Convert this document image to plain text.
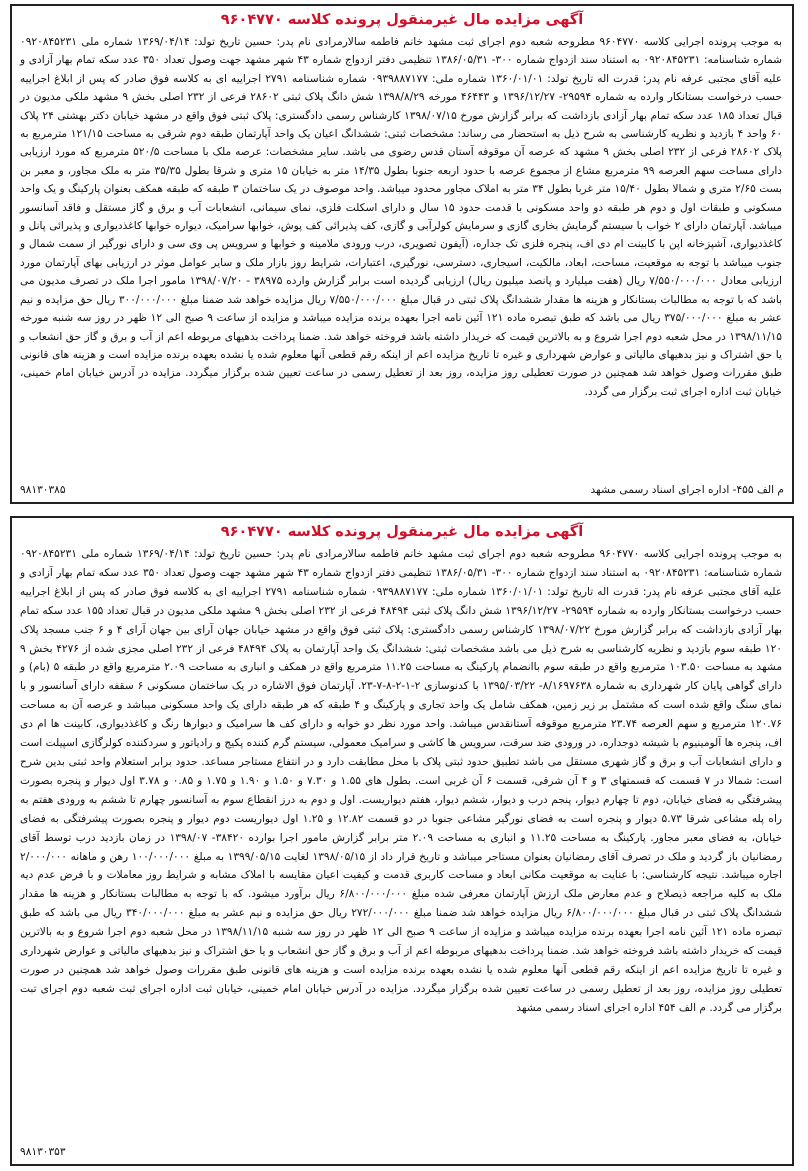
آگهی مزایده مال غیرمنقول پرونده کلاسه ۹۶۰۴۷۷۰

به موجب پرونده اجرایی کلاسه ۹۶۰۴۷۷۰ مطروحه شعبه دوم اجرای ثبت مشهد خانم فاطمه سالارمرادی نام پدر: حسین تاریخ تولد: ۱۳۶۹/۰۴/۱۴ شماره ملی ۰۹۲۰۸۴۵۲۳۱ شماره شناسنامه: ۰۹۲۰۸۴۵۲۳۱ به استناد سند ازدواج شماره ۳۰۰- ۱۳۸۶/۰۵/۳۱ تنظیمی دفتر ازدواج شماره ۴۳ شهر مشهد جهت وصول تعداد ۳۵۰ عدد سکه تمام بهار آزادی و علیه آقای مجتبی عرفه نام پدر: قدرت اله تاریخ تولد: ۱۳۶۰/۰۱/۰۱ شماره ملی: ۰۹۳۹۸۸۷۱۷۷ شماره شناسنامه ۲۷۹۱ اجراییه ای به کلاسه فوق صادر که پس از ابلاغ اجراییه حسب درخواست بستانکار وارده به شماره ۲۹۵۹۴- ۱۳۹۶/۱۲/۲۷ و ۴۶۴۴۳ مورخه ۱۳۹۸/۸/۲۹ شش دانگ پلاک ثبتی ۲۸۶۰۲ فرعی از ۲۳۲ اصلی بخش ۹ مشهد ملکی مدیون در قبال تعداد ۱۸۵ عدد سکه تمام بهار آزادی بازداشت که برابر گزارش مورخ ۱۳۹۸/۰۷/۱۵ کارشناس رسمی دادگستری: پلاک ثبتی فوق واقع در مشهد خیابان دکتر بهشتی ۲۴ پلاک ۶۰ واحد ۴ بازدید و نظریه کارشناسی به شرح ذیل به استحضار می رساند: مشخصات ثبتی: ششدانگ اعیان یک واحد آپارتمان طبقه دوم شرقی به مساحت ۱۲۱/۱۵ مترمربع به پلاک ۲۸۶۰۲ فرعی از ۲۳۲ اصلی بخش ۹ مشهد که عرصه آن موقوفه آستان قدس رضوی می باشد. سایر مشخصات: عرصه ملک با مساحت ۵۲۰/۵ مترمربع که مورد ارزیابی دارای مساحت سهم العرصه ۹۹ مترمربع مشاع از مجموع عرصه با حدود اربعه جنوبا بطول ۱۴/۳۵ متر به خیابان ۱۵ متری و شرقا بطول ۳۵/۳۵ متر به ملک مجاور، و معبر بن بست ۲/۶۵ متری و شمالا بطول ۱۵/۴۰ متر غربا بطول ۳۴ متر به املاک مجاور محدود میباشد. واحد موصوف در یک ساختمان ۳ طبقه که طبقه همکف بعنوان پارکینگ و یک واحد مسکونی و طبقات اول و دوم هر طبقه دو واحد مسکونی با قدمت حدود ۱۵ سال و دارای اسکلت فلزی، نمای سیمانی، انشعابات آب و برق و گاز مستقل و فاقد آسانسور میباشد. آپارتمان دارای ۲ خواب با سیستم گرمایش بخاری گازی و سرمایش کولرآبی و گازی، کف پذیرائی کف پوش، خوابها سرامیک، دیواره خوابها کاغذدیواری و پذیرائی پانل و کاغذدیواری، آشپزخانه اپن با کابینت ام دی اف، پنجره فلزی تک جداره، (آیفون تصویری، درب ورودی ملامینه و خوابها و سرویس پی وی سی و دارای نورگیر از سمت شمال و جنوب میباشد با توجه به موقعیت، مساحت، ابعاد، مالکیت، اسیجاری، دسترسی، نورگیری، اعتبارات، شرایط روز بازار ملک و سایر عوامل موثر در ارزیابی بهای آپارتمان مورد ارزیابی معادل ۷/۵۵۰/۰۰۰/۰۰۰ ریال (هفت میلیارد و پانصد میلیون ریال) ارزیابی گردیده است برابر گزارش وارده ۳۸۹۷۵ - ۱۳۹۸/۰۷/۲۰ مامور اجرا ملک در تصرف مدیون می باشد که با توجه به مطالبات بستانکار و هزینه ها مقدار ششدانگ پلاک ثبتی در قبال مبلغ ۷/۵۵۰/۰۰۰/۰۰۰ ریال مزایده خواهد شد ضمنا مبلغ ۳۰۰/۰۰۰/۰۰۰ ریال حق مزایده و نیم عشر به مبلغ ۳۷۵/۰۰۰/۰۰۰ ریال می باشد که طبق تبصره ماده ۱۲۱ آئین نامه اجرا بعهده برنده مزایده میباشد و مزایده از ساعت ۹ صبح الی ۱۲ ظهر در روز سه شنبه مورخه ۱۳۹۸/۱۱/۱۵ در محل شعبه دوم اجرا شروع و به بالاترین قیمت که خریدار داشته باشد فروخته خواهد شد. ضمنا پرداخت بدهیهای مربوطه اعم از آب و برق و گاز حق انشعاب و یا حق اشتراک و نیز بدهیهای مالیاتی و عوارض شهرداری و غیره تا تاریخ مزایده اعم از اینکه رقم قطعی آنها معلوم شده یا نشده بعهده برنده مزایده است و هزینه های قانونی طبق مقررات وصول خواهد شد همچنین در صورت تعطیلی روز مزایده، روز بعد از تعطیل رسمی در ساعت تعیین شده برگزار میگردد. مزایده در آدرس خیابان امام خمینی، خیابان ثبت اداره اجرای ثبت برگزار می گردد.

م الف ۴۵۵- اداره اجرای اسناد رسمی مشهد
۹۸۱۳۰۳۸۵
آگهی مزایده مال غیرمنقول پرونده کلاسه ۹۶۰۴۷۷۰

به موجب پرونده اجرایی کلاسه ۹۶۰۴۷۷۰ مطروحه شعبه دوم اجرای ثبت مشهد خانم فاطمه سالارمرادی نام پدر: حسین تاریخ تولد: ۱۳۶۹/۰۴/۱۴ شماره ملی ۰۹۲۰۸۴۵۲۳۱ شماره شناسنامه: ۰۹۲۰۸۴۵۲۳۱ به استناد سند ازدواج شماره ۳۰۰- ۱۳۸۶/۰۵/۳۱ تنظیمی دفتر ازدواج شماره ۴۳ شهر مشهد جهت وصول تعداد ۳۵۰ عدد سکه تمام بهار آزادی و علیه آقای مجتبی عرفه نام پدر: قدرت اله تاریخ تولد: ۱۳۶۰/۰۱/۰۱ شماره ملی: ۰۹۳۹۸۸۷۱۷۷ شماره شناسنامه ۲۷۹۱ اجراییه ای به کلاسه فوق صادر که پس از ابلاغ اجراییه حسب درخواست بستانکار وارده به شماره ۲۹۵۹۴- ۱۳۹۶/۱۲/۲۷ شش دانگ پلاک ثبتی ۴۸۴۹۴ فرعی از ۲۳۲ اصلی بخش ۹ مشهد ملکی مدیون در قبال تعداد ۱۵۵ عدد سکه تمام بهار آزادی بازداشت که برابر گزارش مورخ ۱۳۹۸/۰۷/۲۲ کارشناس رسمی دادگستری: پلاک ثبتی فوق واقع در مشهد خیابان جهان آرای بین جهان آرای ۴ و ۶ جنب مسجد پلاک ۱۲۰ طبقه سوم بازدید و نظریه کارشناسی به شرح ذیل می باشد مشخصات ثبتی: ششدانگ یک واحد آپارتمان به پلاک ۴۸۴۹۴ فرعی از ۲۳۲ اصلی مجزی شده از ۴۲۷۶ بخش ۹ مشهد به مساحت ۱۰۳.۵۰ مترمربع واقع در طبقه سوم باانضمام پارکینگ به مساحت ۱۱.۲۵ مترمربع واقع در همکف و انباری به مساحت ۲.۰۹ مترمربع واقع در طبقه ۵ (بام) و دارای گواهی پایان کار شهرداری به شماره ۸/۱۶۹۷۶۳۸- ۱۳۹۵/۰۳/۲۲ با کدنوسازی ۲-۱-۲-۸-۷-۲۳. آپارتمان فوق الاشاره در یک ساختمان مسکونی ۶ سقفه دارای آسانسور و با نمای سنگ واقع شده است که مشتمل بر زیر زمین، همکف شامل یک واحد تجاری و پارکینگ و ۴ طبقه که هر طبقه دارای یک واحد مسکونی میباشد و عرصه آن به مساحت ۱۲۰.۷۶ مترمربع و سهم العرصه ۲۳.۷۴ مترمربع موقوفه آستانقدس میباشد. واحد مورد نظر دو خوابه و دارای کف ها سرامیک و دیوارها رنگ و کاغذدیواری، کابینت ها ام دی اف، پنجره ها آلومینیوم با شیشه دوجداره، در ورودی ضد سرقت، سرویس ها کاشی و سرامیک معمولی، سیستم گرم کننده پکیج و رادیاتور و سردکننده کولرگازی اسپیلت است و دارای انشعابات آب و برق و گاز شهری مستقل می باشد تطبیق حدود ثبتی پلاک با محل مطابقت دارد و در انتفاع مستاجر مساعد. حدود برابر استعلام واحد ثبتی بدین شرح است: شمالا در ۷ قسمت که قسمتهای ۳ و ۴ آن شرقی، قسمت ۶ آن غربی است. بطول های ۱.۵۵ و ۷.۳۰ و ۱.۵۰ و ۱.۹۰ و ۱.۷۵ و ۰.۸۵ و ۳.۷۸ اول دیوار و پنجره بصورت پیشرفتگی به فضای خیابان، دوم تا چهارم دیوار، پنجم درب و دیوار، ششم دیوار، هفتم دیواریست. اول و دوم به درز انقطاع سوم به آسانسور چهارم تا ششم به ورودی هفتم به راه پله مشاعی شرقا ۵.۷۳ دیوار و پنجره است به فضای نورگیر مشاعی جنوبا در دو قسمت ۱۲.۸۲ و ۱.۲۵ اول دیواریست دوم دیوار و پنجره بصورت پیشرفتگی به فضای خیابان، به فضای معبر مجاور. پارکینگ به مساحت ۱۱.۲۵ و انباری به مساحت ۲.۰۹ متر برابر گزارش مامور اجرا بوارده ۳۸۴۲۰- ۱۳۹۸/۰۷ در زمان بازدید درب توسط آقای رمضانیان باز گردید و ملک در تصرف آقای رمضانیان بعنوان مستاجر میباشد و تاریخ قرار داد از ۱۳۹۸/۰۵/۱۵ لغایت ۱۳۹۹/۰۵/۱۵ به مبلغ ۱۰۰/۰۰۰/۰۰۰ رهن و ماهانه ۲/۰۰۰/۰۰۰ اجاره میباشد. نتیجه کارشناسی: با عنایت به موقعیت مکانی ابعاد و مساحت کاربری قدمت و کیفیت اعیان مقایسه با املاک مشابه و شرایط روز معاملات و با فرض عدم دیه ملک به کلیه مراجعه ذیصلاح و عدم معارض ملک ارزش آپارتمان معرفی شده مبلغ ۶/۸۰۰/۰۰۰/۰۰۰ ریال برآورد میشود. که با توجه به مطالبات بستانکار و هزینه ها مقدار ششدانگ پلاک ثبتی در قبال مبلغ ۶/۸۰۰/۰۰۰/۰۰۰ ریال مزایده خواهد شد ضمنا مبلغ ۲۷۲/۰۰۰/۰۰۰ ریال حق مزایده و نیم عشر به مبلغ ۳۴۰/۰۰۰/۰۰۰ ریال می باشد که طبق تبصره ماده ۱۲۱ آئین نامه اجرا بعهده برنده مزایده میباشد و مزایده از ساعت ۹ صبح الی ۱۲ ظهر در روز سه شنبه ۱۳۹۸/۱۱/۱۵ در محل شعبه دوم اجرا شروع و به بالاترین قیمت که خریدار داشته باشد فروخته خواهد شد. ضمنا پرداخت بدهیهای مربوطه اعم از آب و برق و گاز حق انشعاب و یا حق اشتراک و نیز بدهیهای مالیاتی و عوارض شهرداری و غیره تا تاریخ مزایده اعم از اینکه رقم قطعی آنها معلوم شده یا نشده بعهده برنده مزایده است و هزینه های قانونی طبق مقررات وصول خواهد شد همچنین در صورت تعطیلی روز مزایده، روز بعد از تعطیل رسمی در ساعت تعیین شده برگزار میگردد. مزایده در آدرس خیابان امام خمینی، خیابان ثبت اداره اجرای ثبت شعبه دوم اجرای تبت برگزار می گردد. م الف ۴۵۴ اداره اجرای اسناد رسمی مشهد

۹۸۱۳۰۳۵۳
